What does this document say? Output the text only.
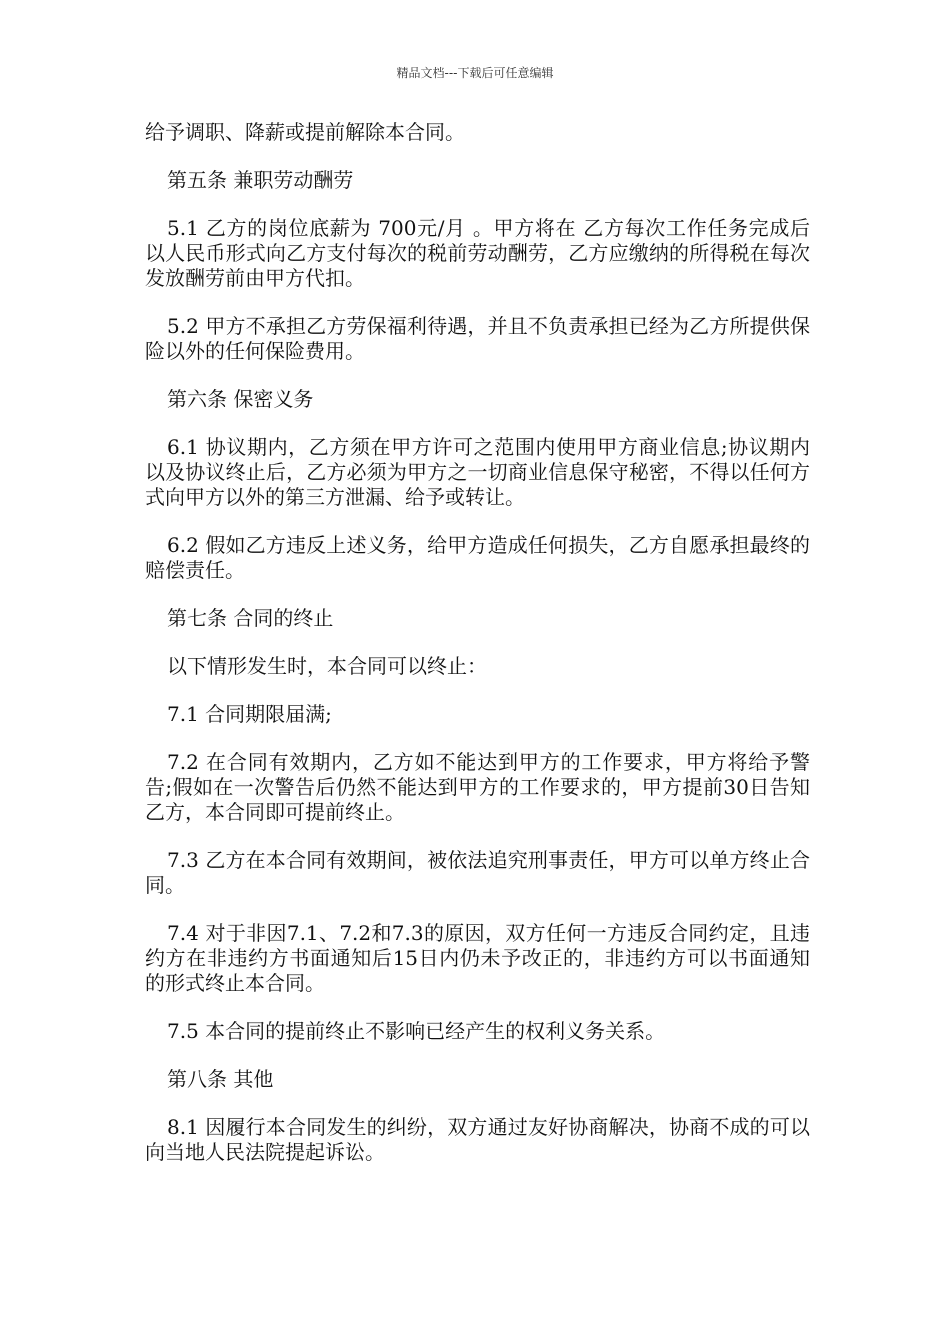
精品文档---下载后可任意编辑

给予调职、降薪或提前解除本合同。

第五条 兼职劳动酬劳

5.1 乙方的岗位底薪为 700元/月 。甲方将在 乙方每次工作任务完成后 以人民币形式向乙方支付每次的税前劳动酬劳，乙方应缴纳的所得税在每次发放酬劳前由甲方代扣。

5.2 甲方不承担乙方劳保福利待遇，并且不负责承担已经为乙方所提供保险以外的任何保险费用。

第六条 保密义务

6.1 协议期内，乙方须在甲方许可之范围内使用甲方商业信息;协议期内以及协议终止后，乙方必须为甲方之一切商业信息保守秘密，不得以任何方式向甲方以外的第三方泄漏、给予或转让。

6.2 假如乙方违反上述义务，给甲方造成任何损失，乙方自愿承担最终的赔偿责任。

第七条 合同的终止

以下情形发生时，本合同可以终止：

7.1 合同期限届满;

7.2 在合同有效期内，乙方如不能达到甲方的工作要求，甲方将给予警告;假如在一次警告后仍然不能达到甲方的工作要求的，甲方提前30日告知乙方，本合同即可提前终止。

7.3 乙方在本合同有效期间，被依法追究刑事责任，甲方可以单方终止合同。

7.4 对于非因7.1、7.2和7.3的原因，双方任何一方违反合同约定，且违约方在非违约方书面通知后15日内仍未予改正的，非违约方可以书面通知的形式终止本合同。

7.5 本合同的提前终止不影响已经产生的权利义务关系。

第八条 其他

8.1 因履行本合同发生的纠纷，双方通过友好协商解决，协商不成的可以向当地人民法院提起诉讼。
